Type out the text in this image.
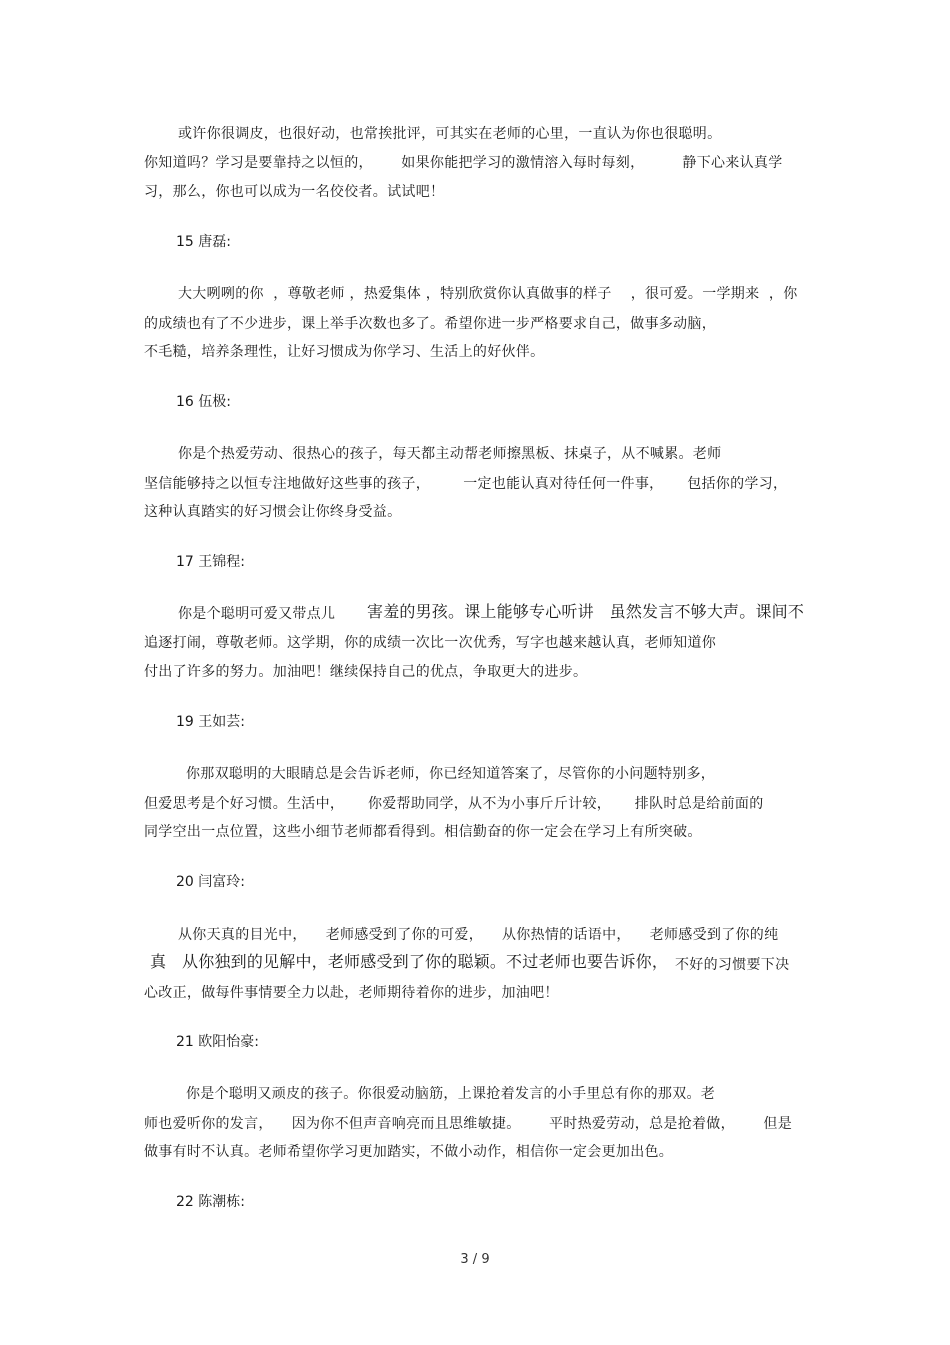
或许你很调皮，也很好动，也常挨批评，可其实在老师的心里，一直认为你也很聪明。
你知道吗？学习是要靠持之以恒的，      如果你能把学习的激情溶入每时每刻，        静下心来认真学
习，那么，你也可以成为一名佼佼者。试试吧！
15 唐磊:
大大咧咧的你  ，尊敬老师 ，热爱集体 ，特别欣赏你认真做事的样子    ，很可爱。一学期来  ，你
的成绩也有了不少进步，课上举手次数也多了。希望你进一步严格要求自己，做事多动脑，
不毛糙，培养条理性，让好习惯成为你学习、生活上的好伙伴。
16 伍极:
你是个热爱劳动、很热心的孩子，每天都主动帮老师擦黑板、抹桌子，从不喊累。老师
坚信能够持之以恒专注地做好这些事的孩子，       一定也能认真对待任何一件事，     包括你的学习，
这种认真踏实的好习惯会让你终身受益。
17 王锦程:
你是个聪明可爱又带点儿 害羞的男孩。课上能够专心听讲   虽然发言不够大声。课间不
追逐打闹，尊敬老师。这学期，你的成绩一次比一次优秀，写字也越来越认真，老师知道你
付出了许多的努力。加油吧！继续保持自己的优点，争取更大的进步。
19 王如芸:
你那双聪明的大眼睛总是会告诉老师，你已经知道答案了，尽管你的小问题特别多，
但爱思考是个好习惯。生活中，     你爱帮助同学，从不为小事斤斤计较，     排队时总是给前面的
同学空出一点位置，这些小细节老师都看得到。相信勤奋的你一定会在学习上有所突破。
20 闫富玲:
从你天真的目光中，    老师感受到了你的可爱，    从你热情的话语中，    老师感受到了你的纯
真   从你独到的见解中，老师感受到了你的聪颖。不过老师也要告诉你， 不好的习惯要下决
心改正，做每件事情要全力以赴，老师期待着你的进步，加油吧！
21 欧阳怡豪:
你是个聪明又顽皮的孩子。你很爱动脑筋，上课抢着发言的小手里总有你的那双。老
师也爱听你的发言，    因为你不但声音响亮而且思维敏捷。      平时热爱劳动，总是抢着做，      但是
做事有时不认真。老师希望你学习更加踏实，不做小动作，相信你一定会更加出色。
22 陈潮栋:
3 / 9
